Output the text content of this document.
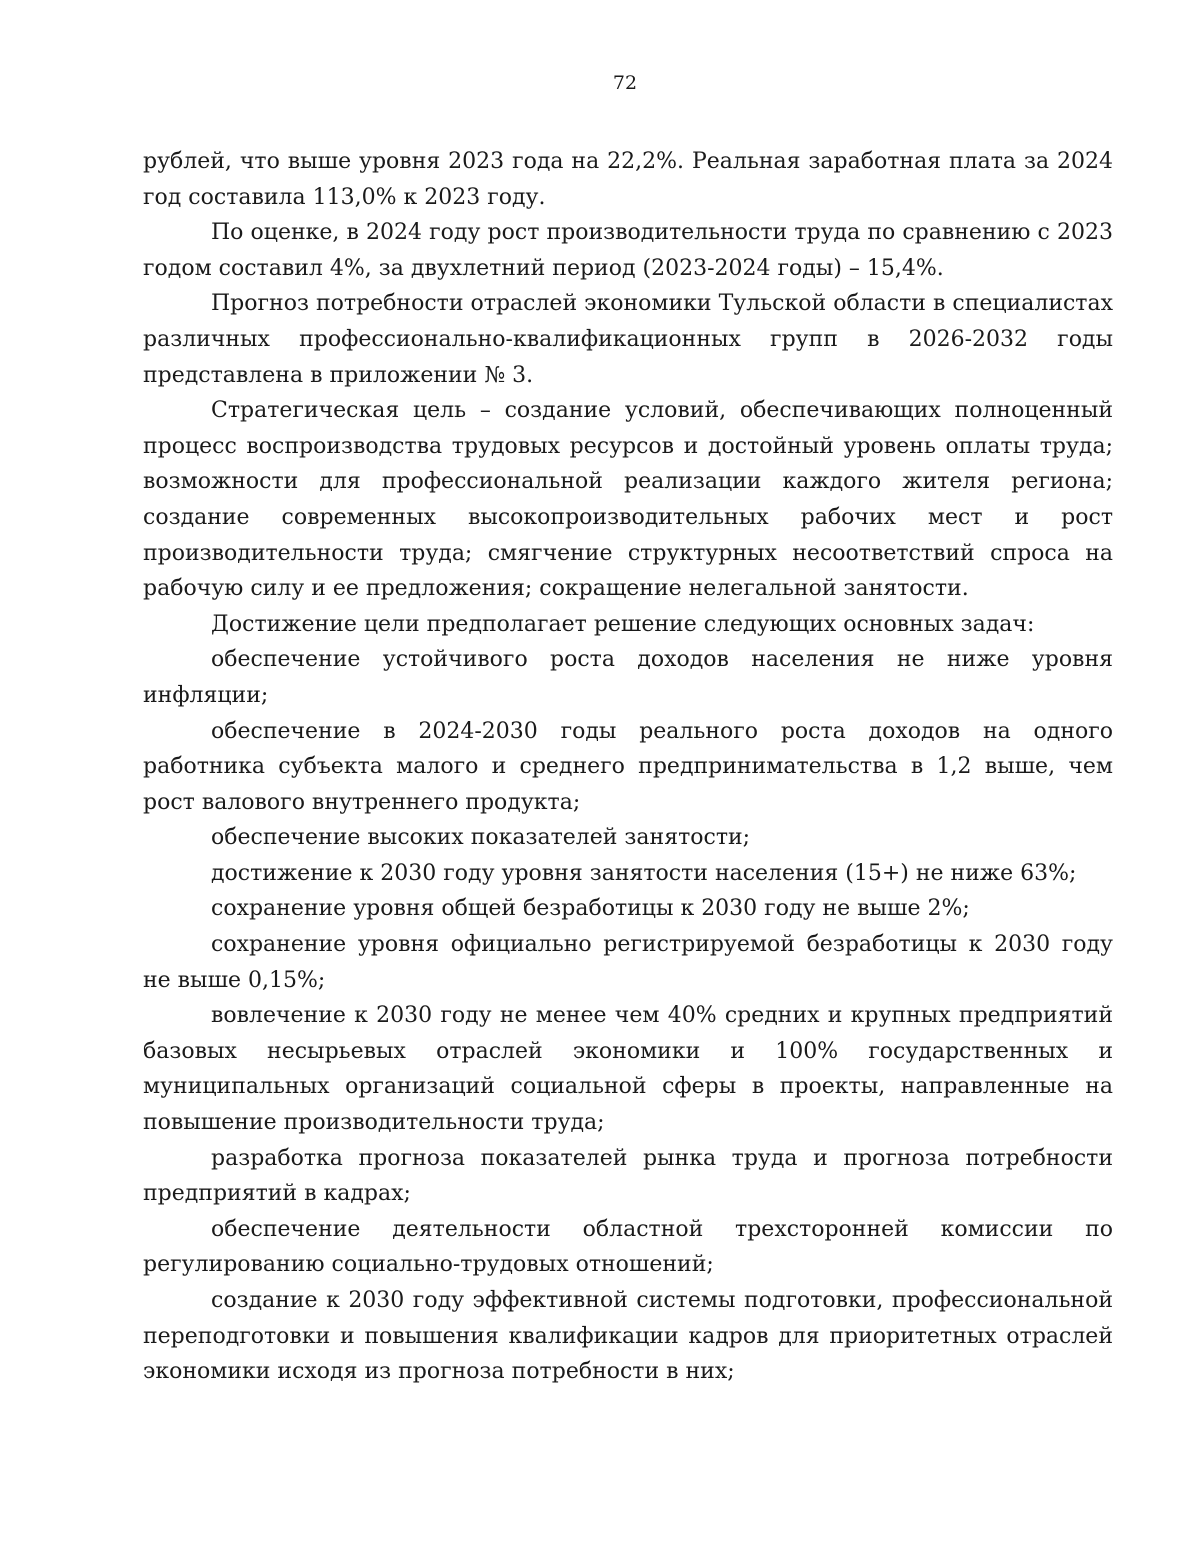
72

рублей, что выше уровня 2023 года на 22,2%. Реальная заработная плата за 2024 год составила 113,0% к 2023 году.

По оценке, в 2024 году рост производительности труда по сравнению с 2023 годом составил 4%, за двухлетний период (2023-2024 годы) – 15,4%.

Прогноз потребности отраслей экономики Тульской области в специалистах различных профессионально-квалификационных групп в 2026-2032 годы представлена в приложении № 3.

Стратегическая цель – создание условий, обеспечивающих полноценный процесс воспроизводства трудовых ресурсов и достойный уровень оплаты труда; возможности для профессиональной реализации каждого жителя региона; создание современных высокопроизводительных рабочих мест и рост производительности труда; смягчение структурных несоответствий спроса на рабочую силу и ее предложения; сокращение нелегальной занятости.

Достижение цели предполагает решение следующих основных задач:

обеспечение устойчивого роста доходов населения не ниже уровня инфляции;

обеспечение в 2024-2030 годы реального роста доходов на одного работника субъекта малого и среднего предпринимательства в 1,2 выше, чем рост валового внутреннего продукта;

обеспечение высоких показателей занятости;

достижение к 2030 году уровня занятости населения (15+) не ниже 63%;

сохранение уровня общей безработицы к 2030 году не выше 2%;

сохранение уровня официально регистрируемой безработицы к 2030 году не выше 0,15%;

вовлечение к 2030 году не менее чем 40% средних и крупных предприятий базовых несырьевых отраслей экономики и 100% государственных и муниципальных организаций социальной сферы в проекты, направленные на повышение производительности труда;

разработка прогноза показателей рынка труда и прогноза потребности предприятий в кадрах;

обеспечение деятельности областной трехсторонней комиссии по регулированию социально-трудовых отношений;

создание к 2030 году эффективной системы подготовки, профессиональной переподготовки и повышения квалификации кадров для приоритетных отраслей экономики исходя из прогноза потребности в них;
